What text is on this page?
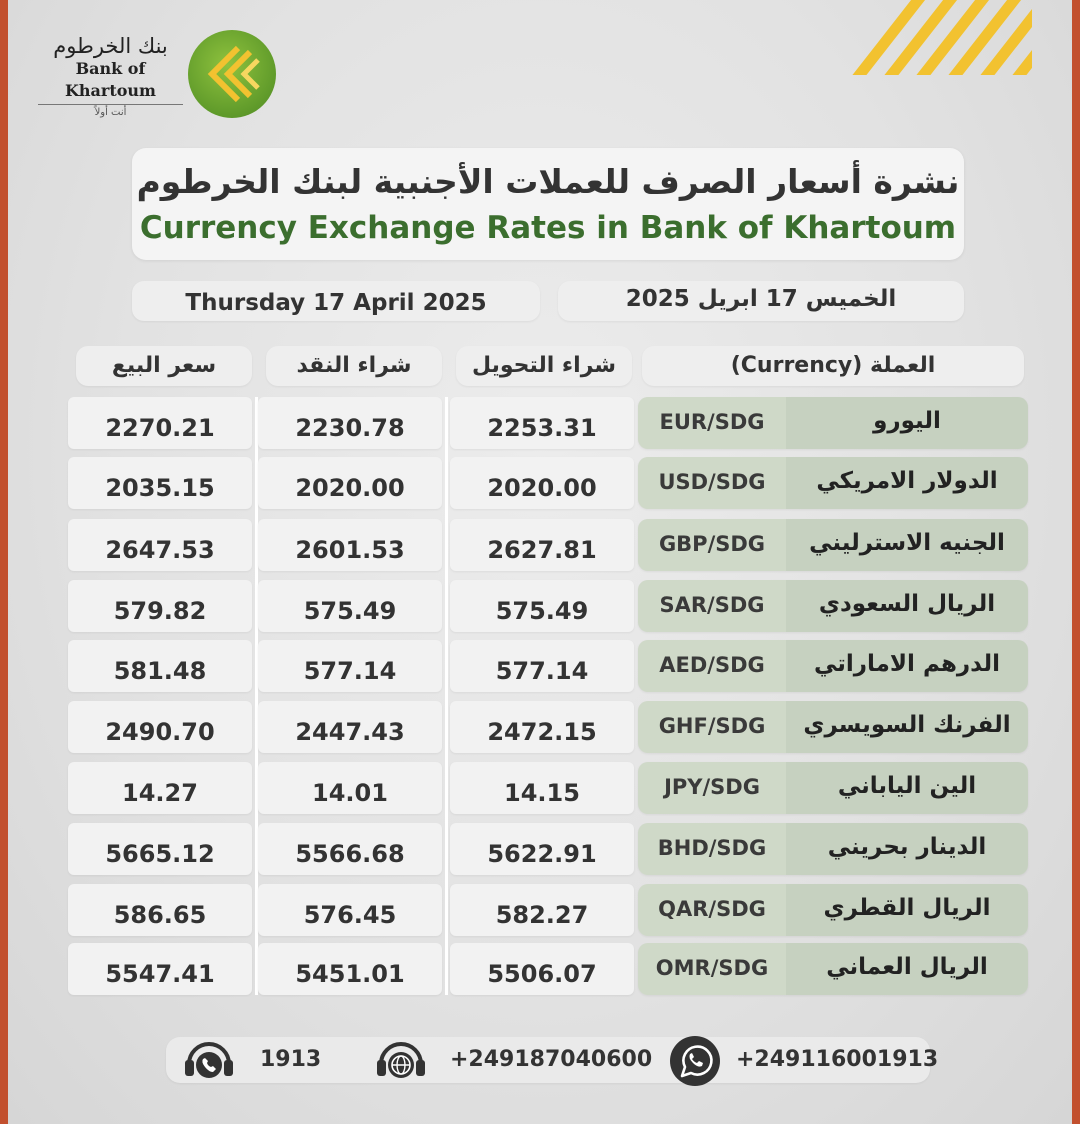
بنك الخرطوم
Bank of Khartoum
أنت أولاً
نشرة أسعار الصرف للعملات الأجنبية لبنك الخرطوم
Currency Exchange Rates in Bank of Khartoum
Thursday 17 April 2025	الخميس 17 ابريل 2025
سعر البيع	شراء النقد	شراء التحويل	العملة (Currency)
2270.21	2230.78	2253.31	EUR/SDG	اليورو
2035.15	2020.00	2020.00	USD/SDG	الدولار الامريكي
2647.53	2601.53	2627.81	GBP/SDG	الجنيه الاسترليني
579.82	575.49	575.49	SAR/SDG	الريال السعودي
581.48	577.14	577.14	AED/SDG	الدرهم الاماراتي
2490.70	2447.43	2472.15	GHF/SDG	الفرنك السويسري
14.27	14.01	14.15	JPY/SDG	الين الياباني
5665.12	5566.68	5622.91	BHD/SDG	الدينار بحريني
586.65	576.45	582.27	QAR/SDG	الريال القطري
5547.41	5451.01	5506.07	OMR/SDG	الريال العماني
1913	+249187040600	+249116001913
